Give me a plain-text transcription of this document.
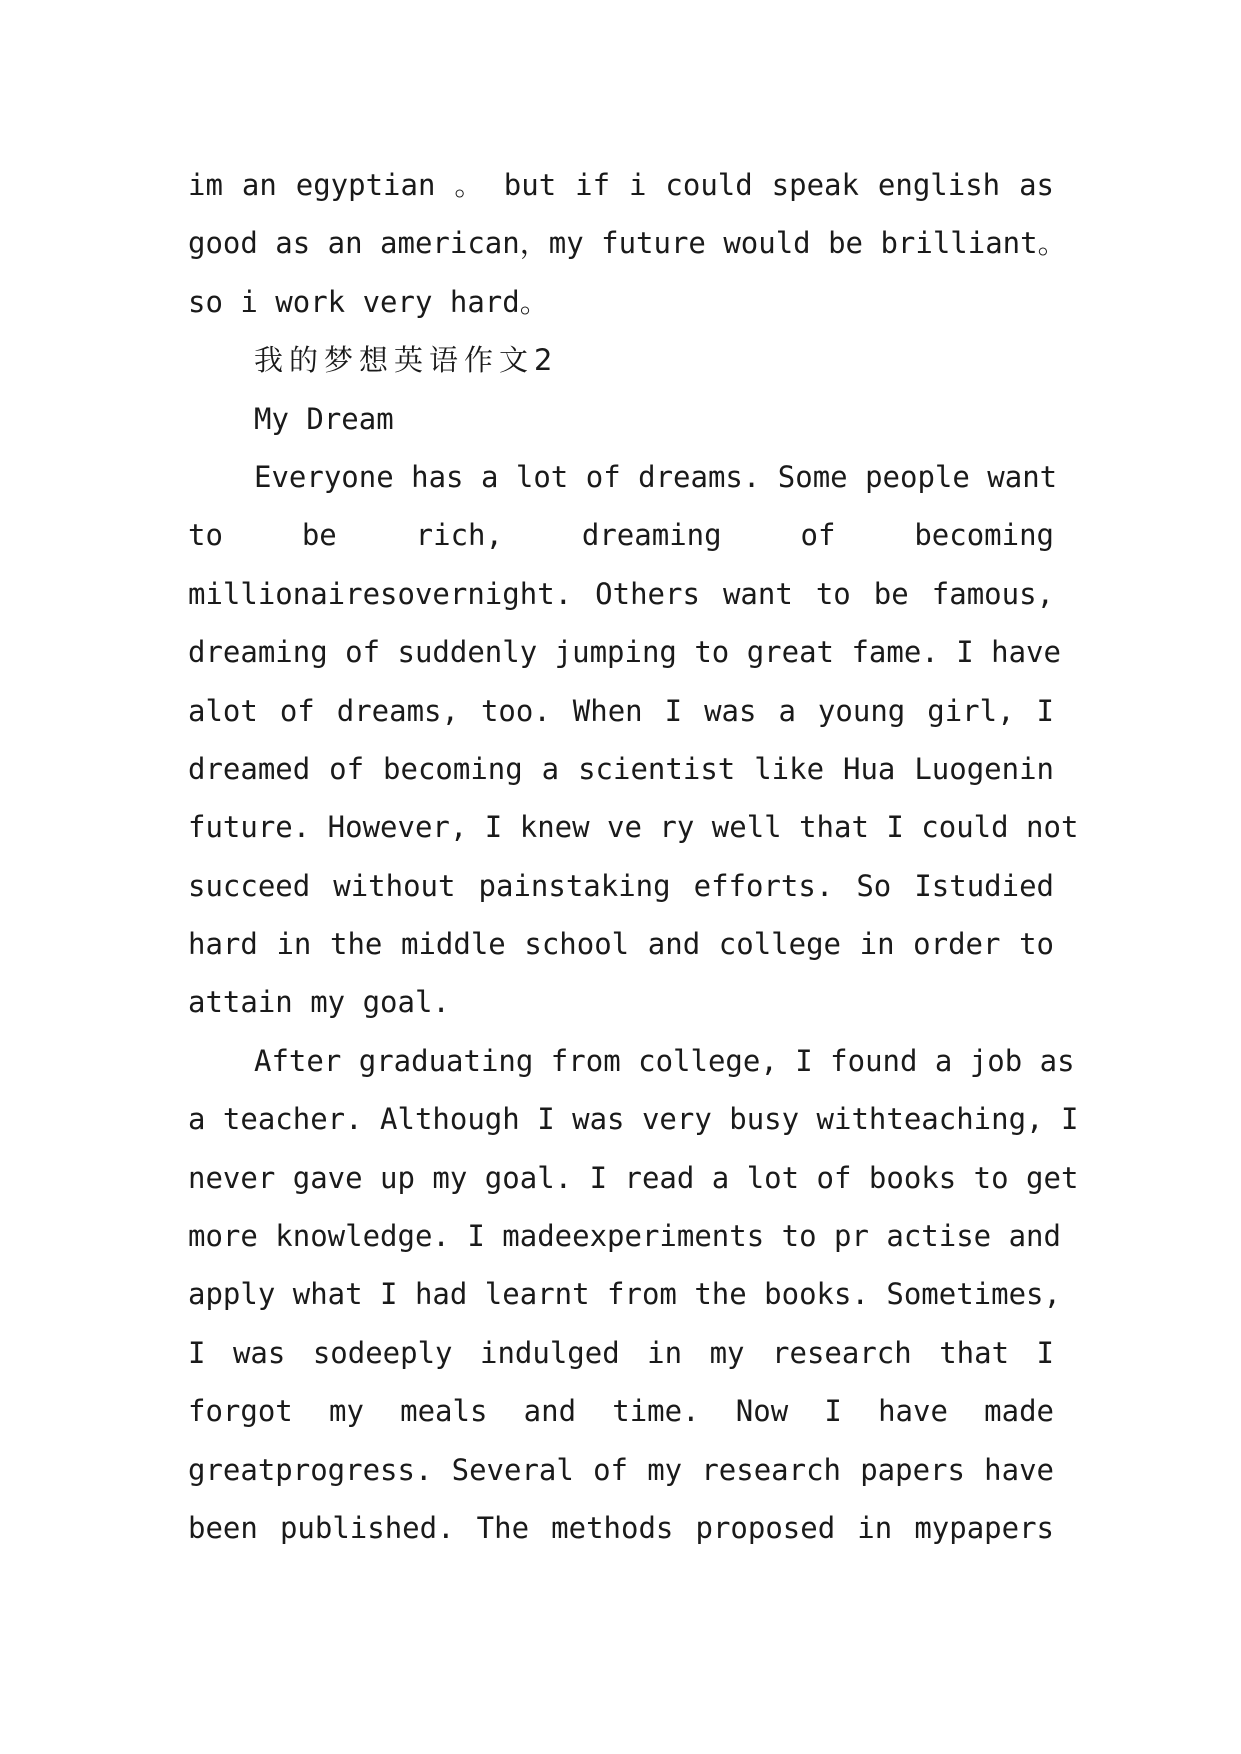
im an egyptian 。 but if i could speak english as
good as an american，my future would be brilliant。
so i work very hard。
我的梦想英语作文2
My Dream
Everyone has a lot of dreams. Some people want
to be rich, dreaming of becoming
millionairesovernight. Others want to be famous,
dreaming of suddenly jumping to great fame. I have
alot of dreams, too. When I was a young girl, I
dreamed of becoming a scientist like Hua Luogenin
future. However, I knew ve ry well that I could not
succeed without painstaking efforts. So Istudied
hard in the middle school and college in order to
attain my goal.
After graduating from college, I found a job as
a teacher. Although I was very busy withteaching, I
never gave up my goal. I read a lot of books to get
more knowledge. I madeexperiments to pr actise and
apply what I had learnt from the books. Sometimes,
I was sodeeply indulged in my research that I
forgot my meals and time. Now I have made
greatprogress. Several of my research papers have
been published. The methods proposed in mypapers
